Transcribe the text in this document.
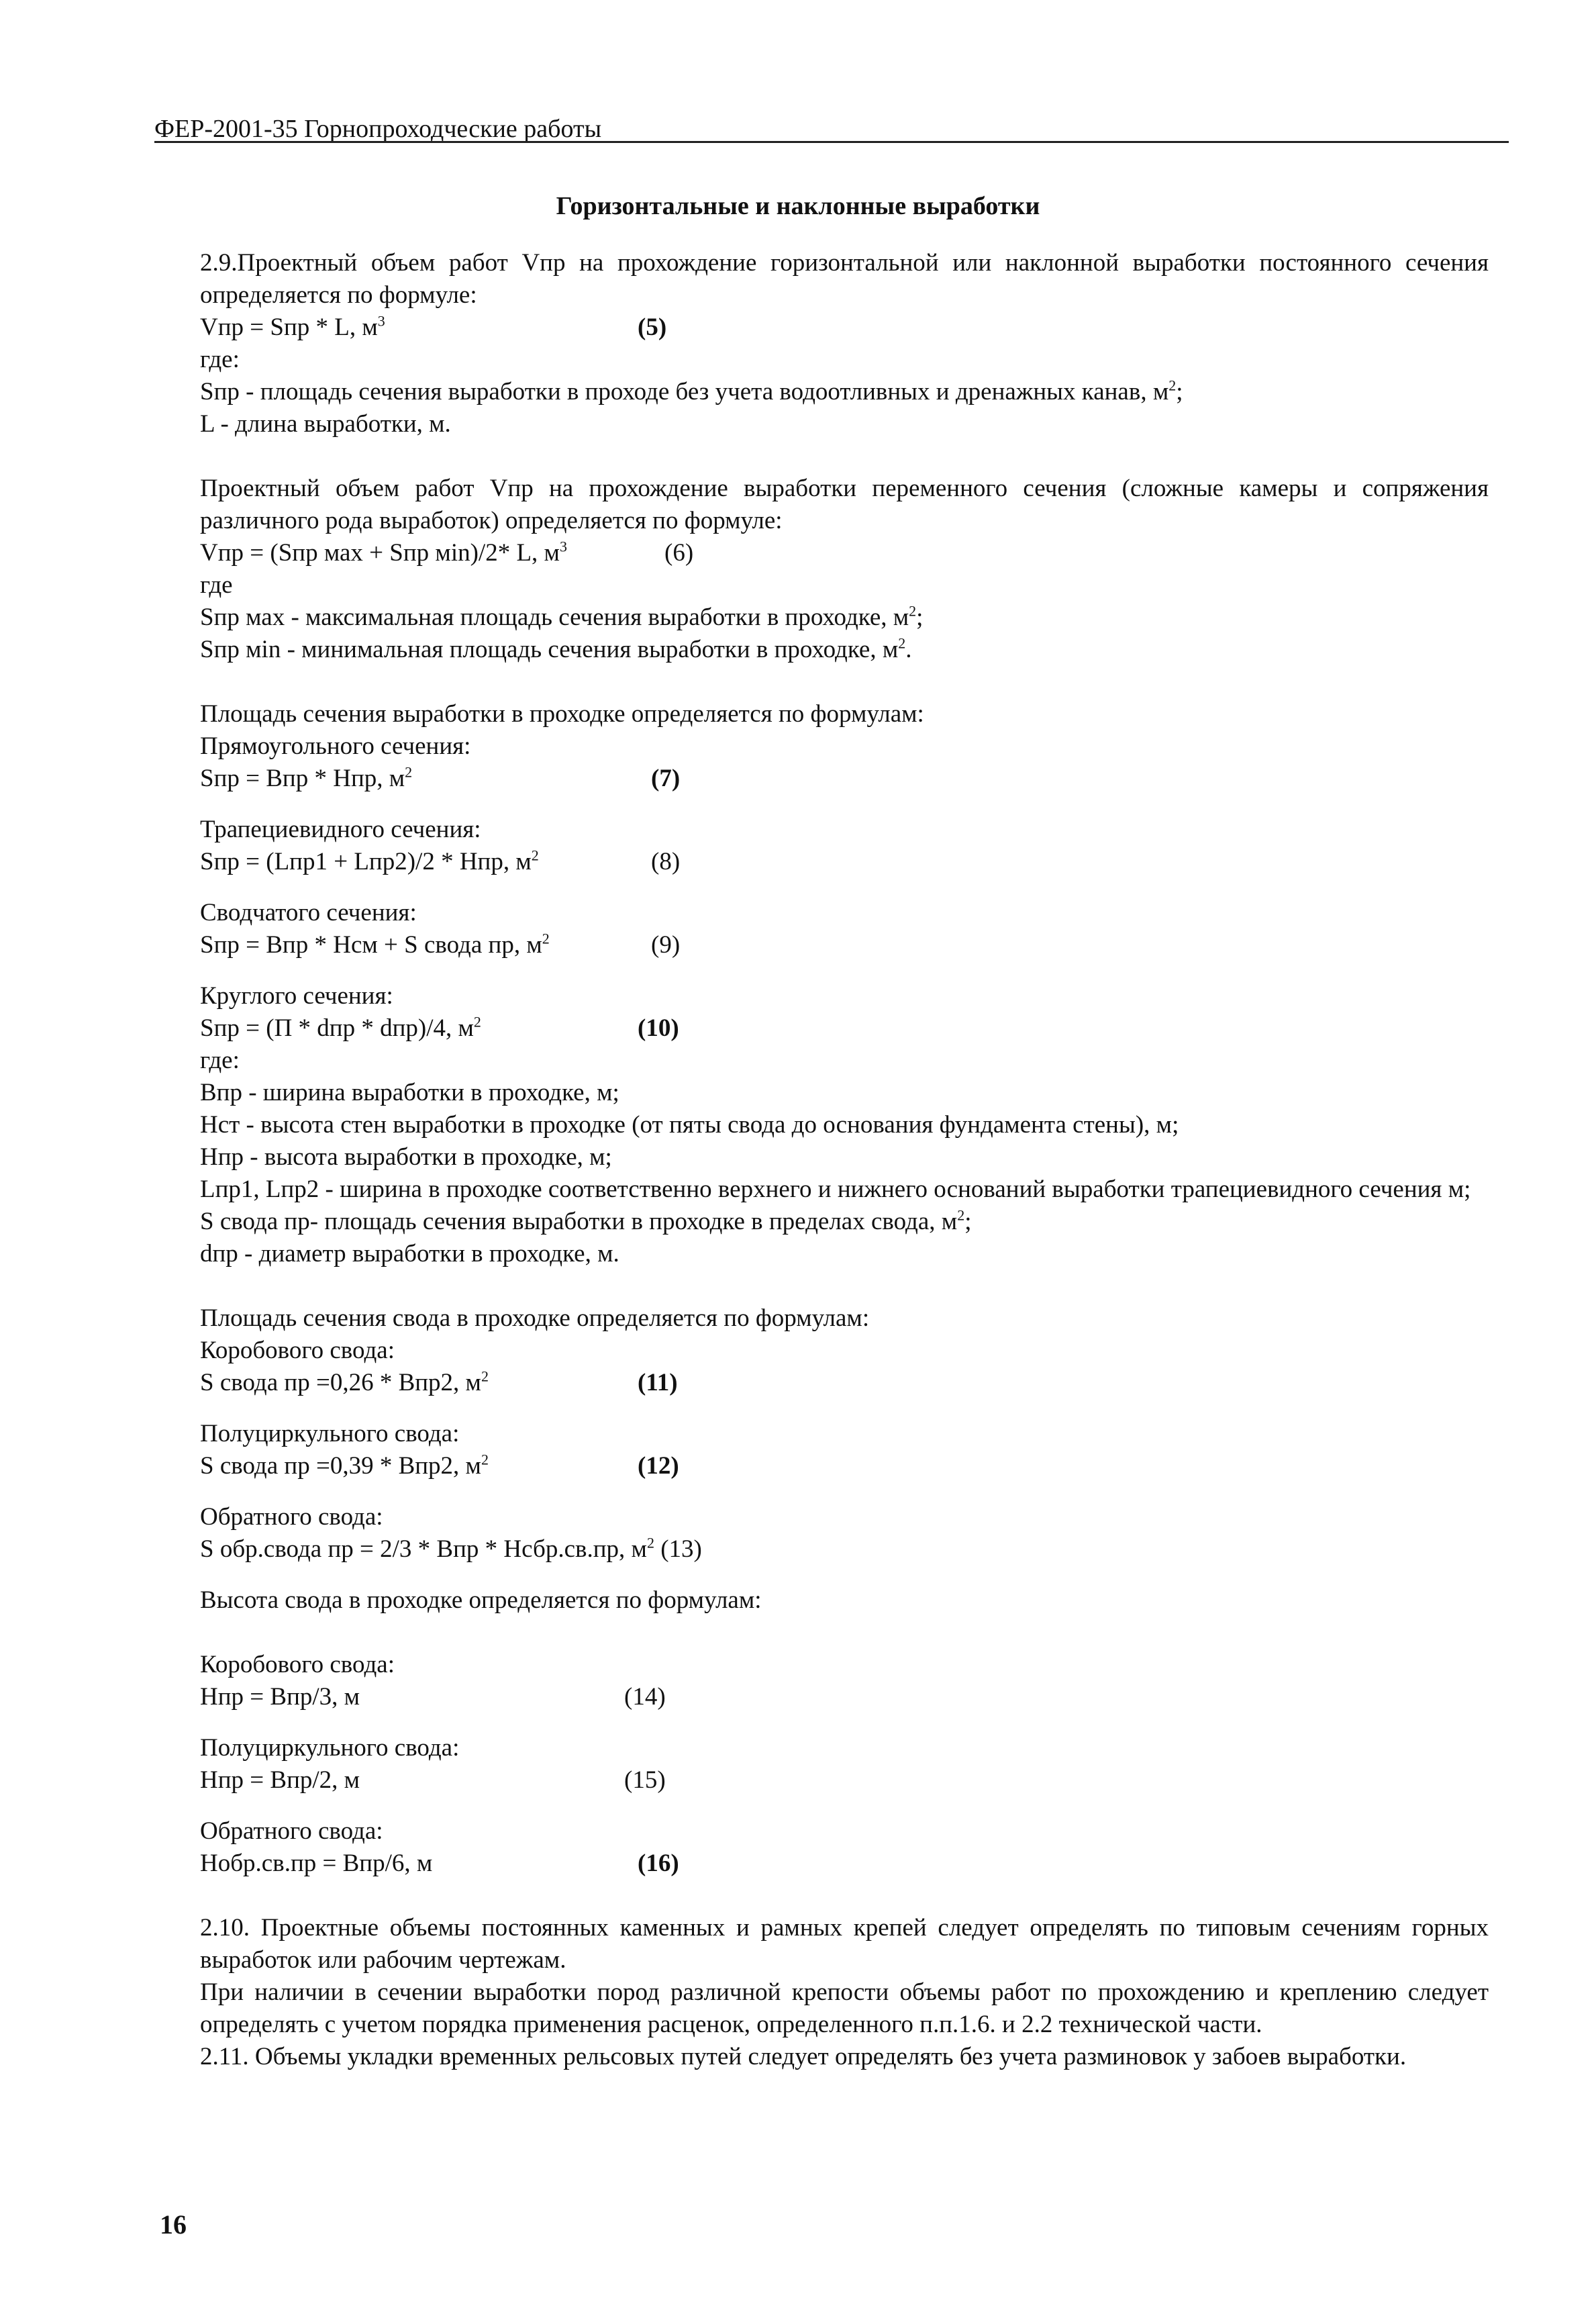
ФЕР-2001-35 Горнопроходческие работы
Горизонтальные и наклонные выработки

2.9.Проектный объем работ Vпр на прохождение горизонтальной или наклонной выработки постоянного сечения определяется по формуле:

Vпр = Sпр * L, $м^3$	(5)

где:

Sпр - площадь сечения выработки в проходе без учета водоотливных и дренажных канав, $м^2$;

L - длина выработки, м.

Проектный объем работ Vпр на прохождение выработки переменного сечения (сложные камеры и сопряжения различного рода выработок) определяется по формуле:

Vпр = (Sпр мах + Sпр мin)/2* L, $м^3$	(6)

где

Sпр мах - максимальная площадь сечения выработки в проходке, $м^2$;

Sпр мin - минимальная площадь сечения выработки в проходке, $м^2$.

Площадь сечения выработки в проходке определяется по формулам:

Прямоугольного сечения:

Sпр = Впр * Нпр, $м^2$	(7)

Трапециевидного сечения:

Sпр = (Lпр1 + Lпр2)/2 * Нпр, $м^2$	(8)

Сводчатого сечения:

Sпр = Впр * Нсм + S свода пр, $м^2$	(9)

Круглого сечения:

Sпр = (П * dпр * dпр)/4, $м^2$	(10)

где:

Впр - ширина выработки в проходке, м;

Нст - высота стен выработки в проходке (от пяты свода до основания фундамента стены), м;

Нпр - высота выработки в проходке, м;

Lпр1, Lпр2 - ширина в проходке соответственно верхнего и нижнего оснований выработки трапециевидного сечения м;

S свода пр- площадь сечения выработки в проходке в пределах свода, $м^2$;

dпр - диаметр выработки в проходке, м.

Площадь сечения свода в проходке определяется по формулам:

Коробового свода:

S свода пр =0,26 * Впр2, $м^2$	(11)

Полуциркульного свода:

S свода пр =0,39 * Впр2, $м^2$	(12)

Обратного свода:

S обр.свода пр = 2/3 * Впр * Нсбр.св.пр, $м^2$ (13)

Высота свода в проходке определяется по формулам:

Коробового свода:

Нпр = Впр/3, м	(14)

Полуциркульного свода:

Нпр = Впр/2, м	(15)

Обратного свода:

Нобр.св.пр = Впр/6, м	(16)

2.10. Проектные объемы постоянных каменных и рамных крепей следует определять по типовым сечениям горных выработок или рабочим чертежам.

При наличии в сечении выработки пород различной крепости объемы работ по прохождению и креплению следует определять с учетом порядка применения расценок, определенного п.п.1.6. и 2.2 технической части.

2.11. Объемы укладки временных рельсовых путей следует определять без учета разминовок у забоев выработки.

16
